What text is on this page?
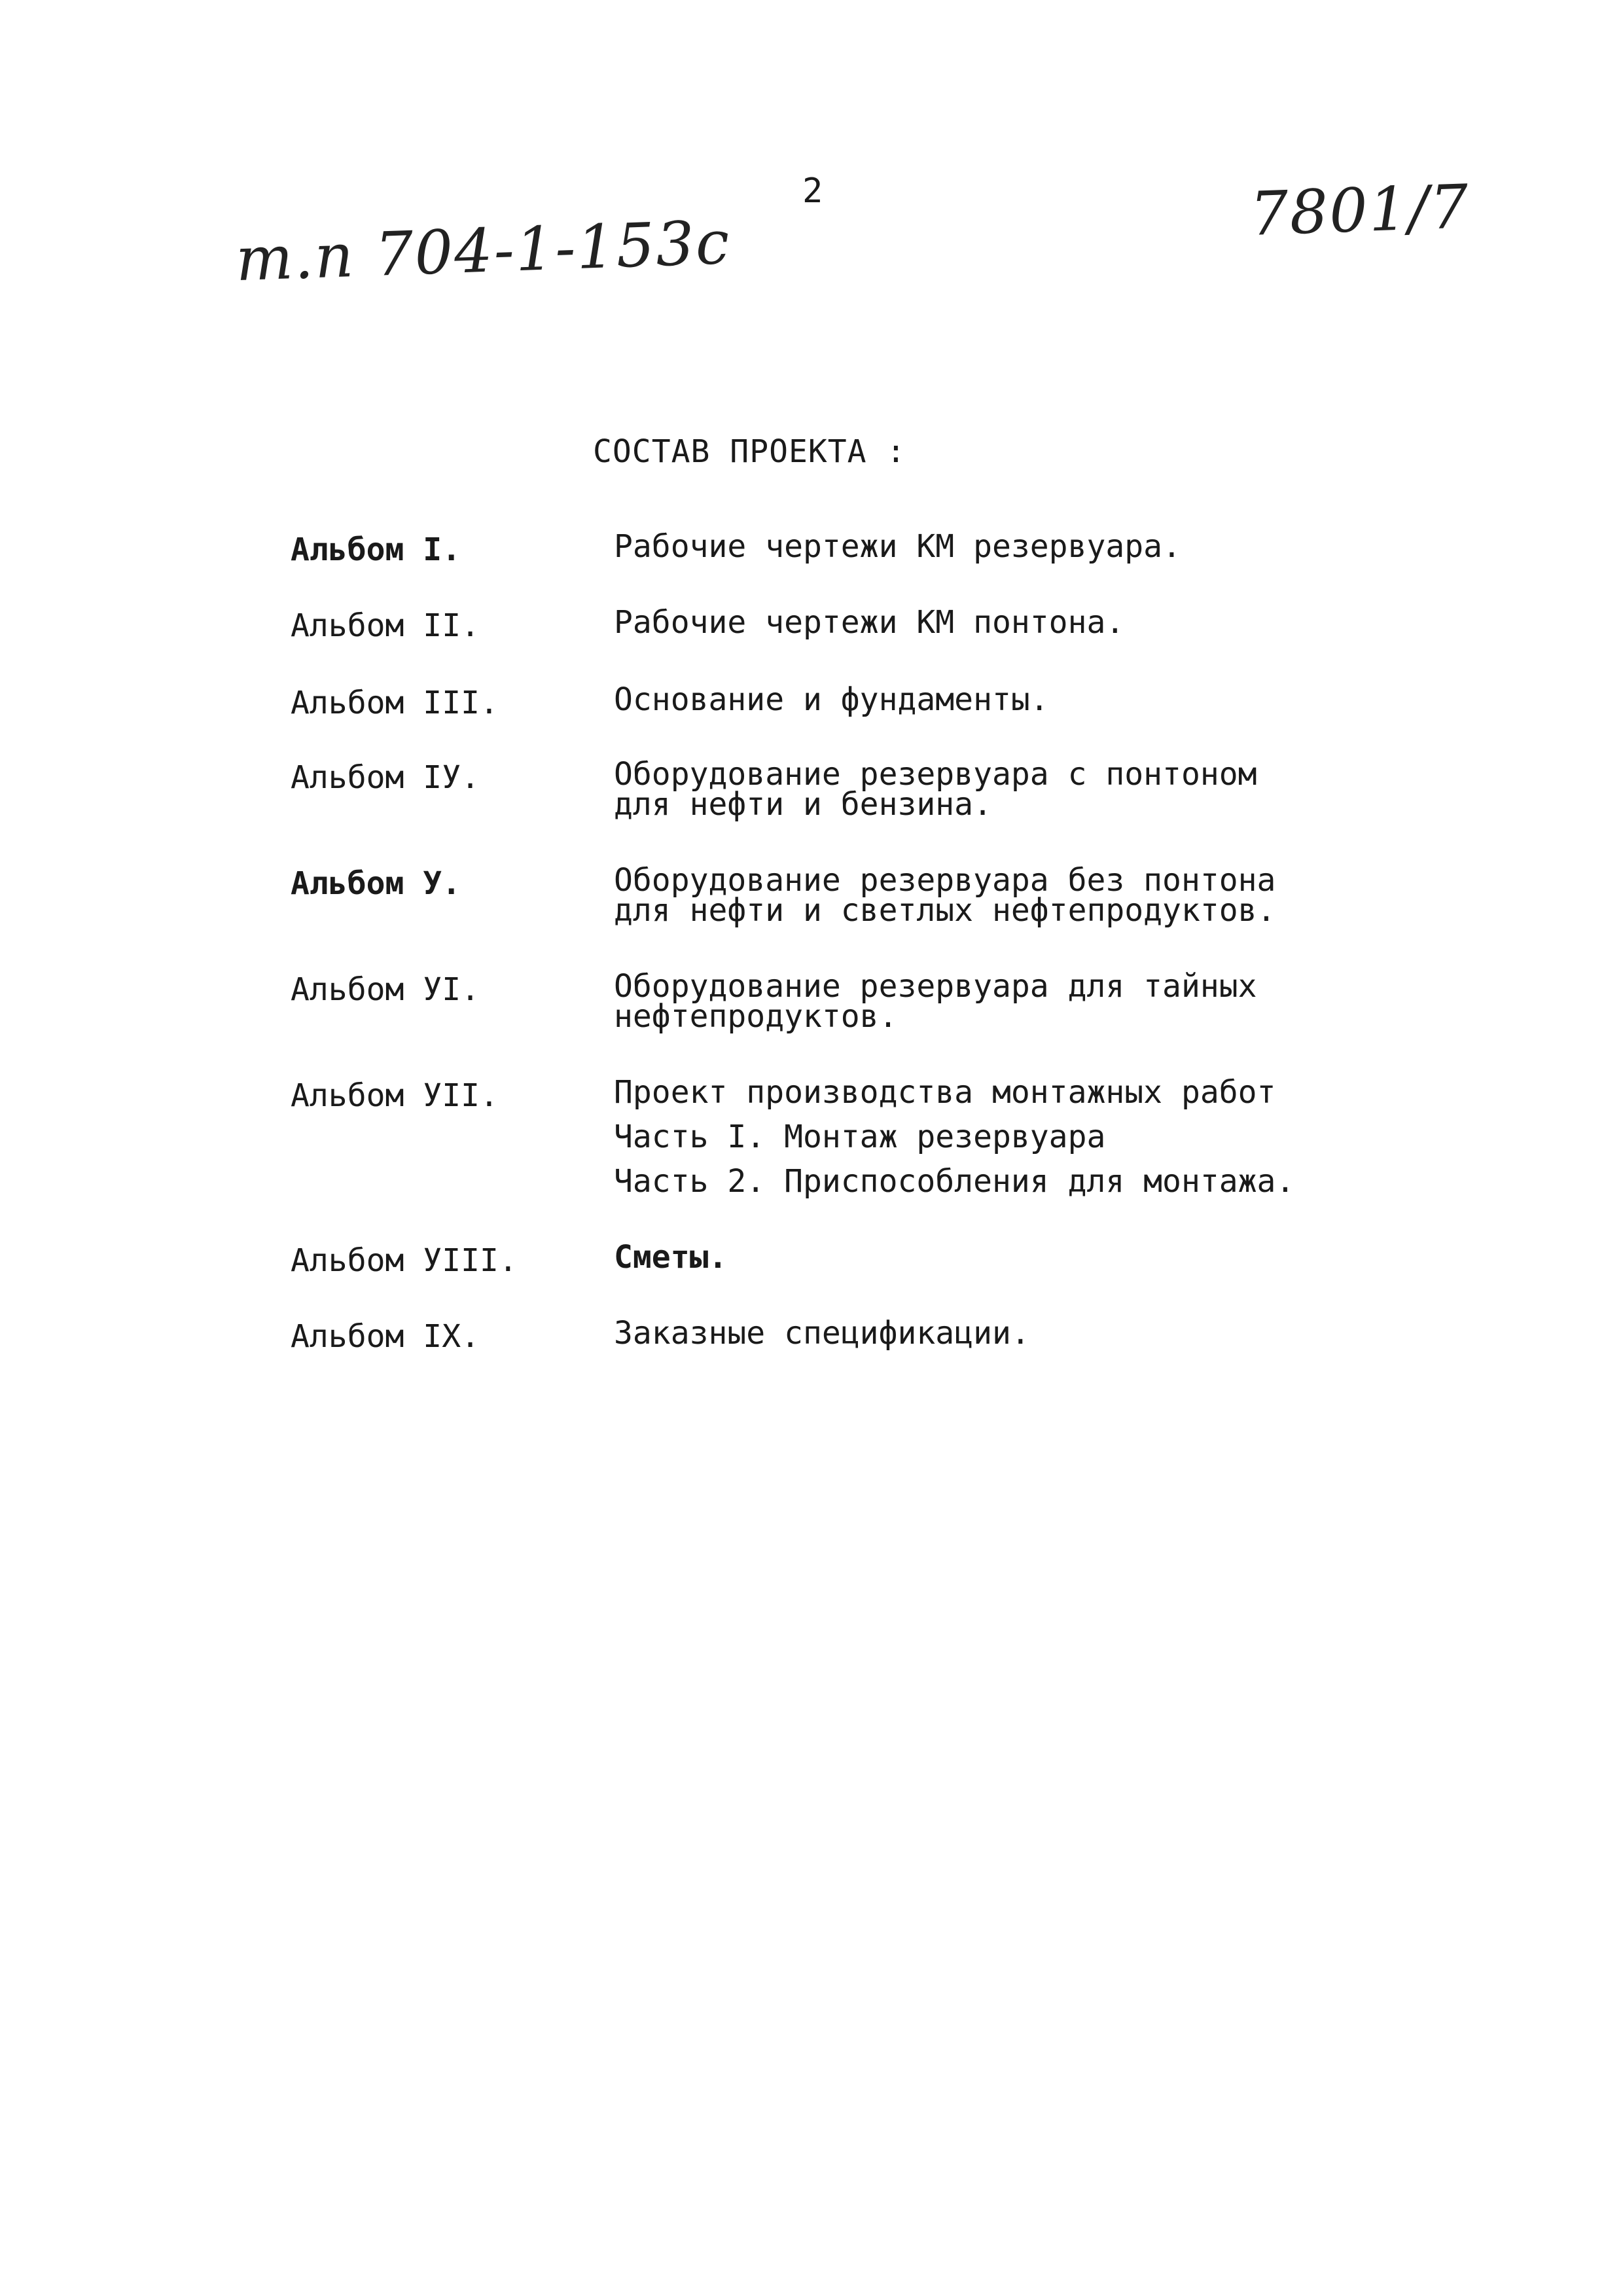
т.п 704-1-153с
2	7801/7
СОСТАВ ПРОЕКТА :
Альбом I.	Рабочие чертежи КМ резервуара.
Альбом II.	Рабочие чертежи КМ понтона.
Альбом III.	Основание и фундаменты.
Альбом IУ.	Оборудование резервуара с понтоном
для нефти и бензина.
Альбом У.	Оборудование резервуара без понтона
для нефти и светлых нефтепродуктов.
Альбом УI.	Оборудование резервуара для тайных
нефтепродуктов.
Альбом УII.	Проект производства монтажных работ
Часть I. Монтаж резервуара
Часть 2. Приспособления для монтажа.
Альбом УIII.	Сметы.
Альбом IX.	Заказные спецификации.
